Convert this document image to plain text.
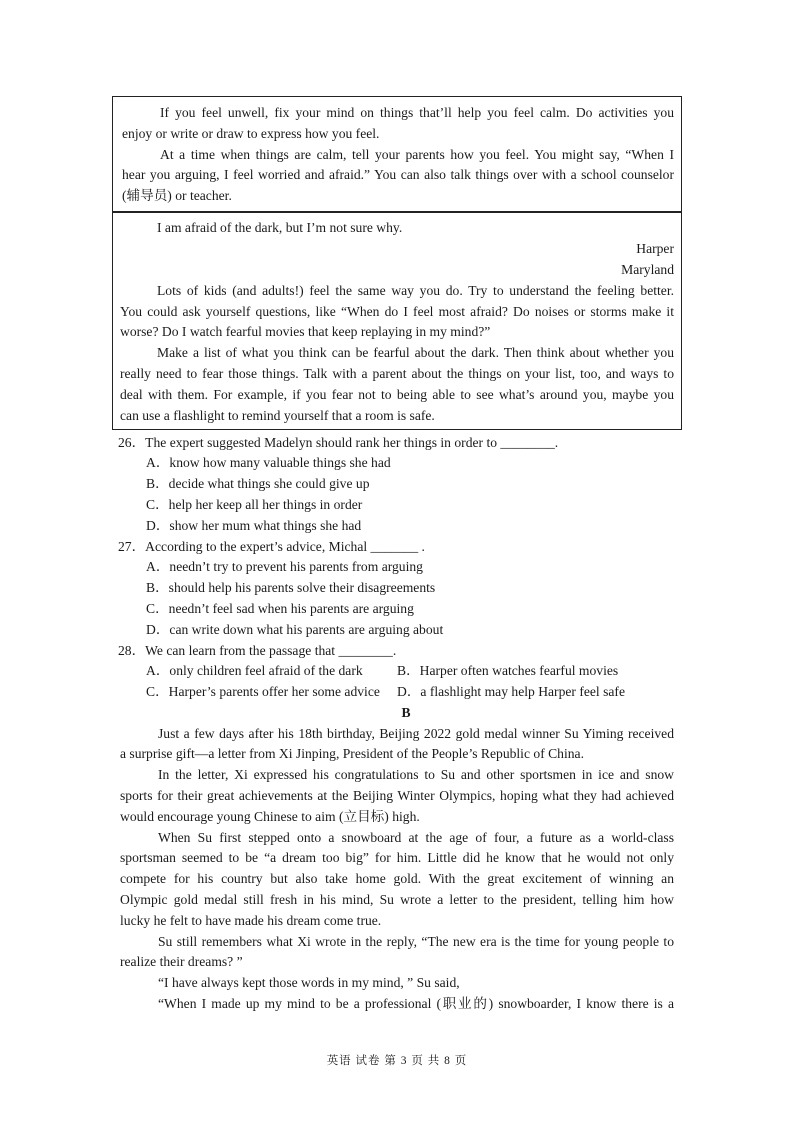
If you feel unwell, fix your mind on things that’ll help you feel calm. Do activities you
enjoy or write or draw to express how you feel.
At a time when things are calm, tell your parents how you feel. You might say, “When I
hear you arguing, I feel worried and afraid.” You can also talk things over with a school counselor
(辅导员) or teacher.
I am afraid of the dark, but I’m not sure why.
Harper
Maryland
Lots of kids (and adults!) feel the same way you do. Try to understand the feeling better.
You could ask yourself questions, like “When do I feel most afraid? Do noises or storms make it
worse? Do I watch fearful movies that keep replaying in my mind?”
Make a list of what you think can be fearful about the dark. Then think about whether you
really need to fear those things. Talk with a parent about the things on your list, too, and ways to
deal with them. For example, if you fear not to being able to see what’s around you, maybe you
can use a flashlight to remind yourself that a room is safe.
26．The expert suggested Madelyn should rank her things in order to ________.
A．know how many valuable things she had
B．decide what things she could give up
C．help her keep all her things in order
D．show her mum what things she had
27．According to the expert’s advice, Michal _______ .
A．needn’t try to prevent his parents from arguing
B．should help his parents solve their disagreements
C．needn’t feel sad when his parents are arguing
D．can write down what his parents are arguing about
28．We can learn from the passage that ________.
A．only children feel afraid of the dark	B．Harper often watches fearful movies
C．Harper’s parents offer her some advice D．a flashlight may help Harper feel safe
B
Just a few days after his 18th birthday, Beijing 2022 gold medal winner Su Yiming received
a surprise gift—a letter from Xi Jinping, President of the People’s Republic of China.
In the letter, Xi expressed his congratulations to Su and other sportsmen in ice and snow
sports for their great achievements at the Beijing Winter Olympics, hoping what they had achieved
would encourage young Chinese to aim (立目标) high.
When Su first stepped onto a snowboard at the age of four, a future as a world-class
sportsman seemed to be “a dream too big” for him. Little did he know that he would not only
compete for his country but also take home gold. With the great excitement of winning an
Olympic gold medal still fresh in his mind, Su wrote a letter to the president, telling him how
lucky he felt to have made his dream come true.
Su still remembers what Xi wrote in the reply, “The new era is the time for young people to
realize their dreams? ”
“I have always kept those words in my mind, ” Su said,
“When I made up my mind to be a professional (职业的) snowboarder, I know there is a
英语 试卷 第 3 页 共 8 页
